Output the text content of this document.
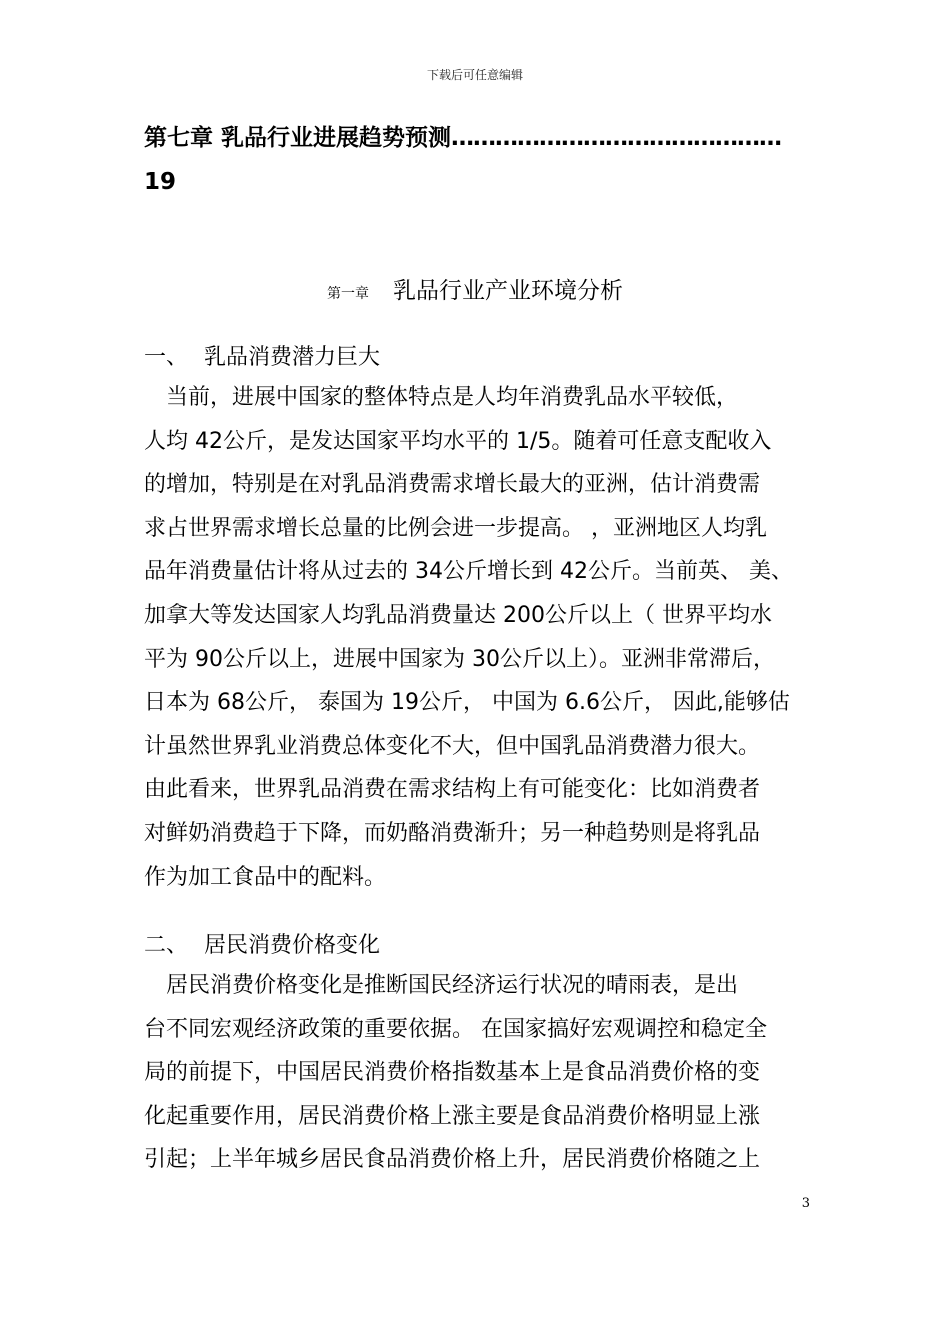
下载后可任意编辑
第七章 乳品行业进展趋势预测………………………………………
19
第一章 乳品行业产业环境分析
一、 乳品消费潜力巨大
　当前，进展中国家的整体特点是人均年消费乳品水平较低，
人均 42公斤，是发达国家平均水平的 1/5。随着可任意支配收入
的增加，特别是在对乳品消费需求增长最大的亚洲，估计消费需
求占世界需求增长总量的比例会进一步提高。 ，亚洲地区人均乳
品年消费量估计将从过去的 34公斤增长到 42公斤。当前英、 美、
加拿大等发达国家人均乳品消费量达 200公斤以上（ 世界平均水
平为 90公斤以上，进展中国家为 30公斤以上）。亚洲非常滞后，
日本为 68公斤， 泰国为 19公斤， 中国为 6.6公斤， 因此,能够估
计虽然世界乳业消费总体变化不大，但中国乳品消费潜力很大。
由此看来，世界乳品消费在需求结构上有可能变化：比如消费者
对鲜奶消费趋于下降，而奶酪消费渐升；另一种趋势则是将乳品
作为加工食品中的配料。
二、 居民消费价格变化
　居民消费价格变化是推断国民经济运行状况的晴雨表，是出
台不同宏观经济政策的重要依据。 在国家搞好宏观调控和稳定全
局的前提下，中国居民消费价格指数基本上是食品消费价格的变
化起重要作用，居民消费价格上涨主要是食品消费价格明显上涨
引起；上半年城乡居民食品消费价格上升，居民消费价格随之上
3
